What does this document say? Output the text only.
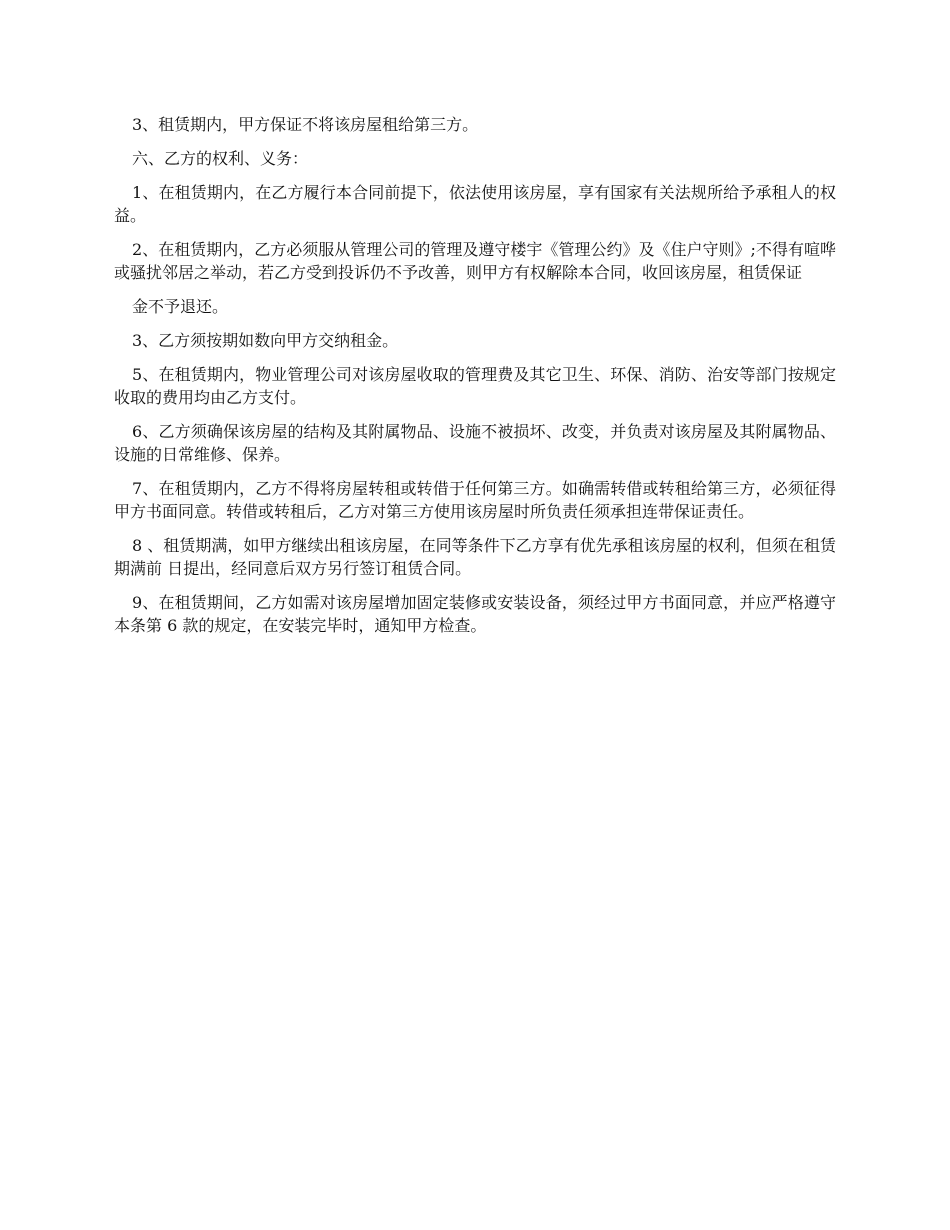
3、租赁期内，甲方保证不将该房屋租给第三方。

六、乙方的权利、义务：

1、在租赁期内，在乙方履行本合同前提下，依法使用该房屋，享有国家有关法规所给予承租人的权益。

2、在租赁期内，乙方必须服从管理公司的管理及遵守楼宇《管理公约》及《住户守则》;不得有喧哗或骚扰邻居之举动，若乙方受到投诉仍不予改善，则甲方有权解除本合同，收回该房屋，租赁保证

金不予退还。

3、乙方须按期如数向甲方交纳租金。

5、在租赁期内，物业管理公司对该房屋收取的管理费及其它卫生、环保、消防、治安等部门按规定收取的费用均由乙方支付。

6、乙方须确保该房屋的结构及其附属物品、设施不被损坏、改变，并负责对该房屋及其附属物品、设施的日常维修、保养。

7、在租赁期内，乙方不得将房屋转租或转借于任何第三方。如确需转借或转租给第三方，必须征得甲方书面同意。转借或转租后，乙方对第三方使用该房屋时所负责任须承担连带保证责任。

8 、租赁期满，如甲方继续出租该房屋，在同等条件下乙方享有优先承租该房屋的权利，但须在租赁期满前 日提出，经同意后双方另行签订租赁合同。

9、在租赁期间，乙方如需对该房屋增加固定装修或安装设备，须经过甲方书面同意，并应严格遵守本条第 6 款的规定，在安装完毕时，通知甲方检查。
